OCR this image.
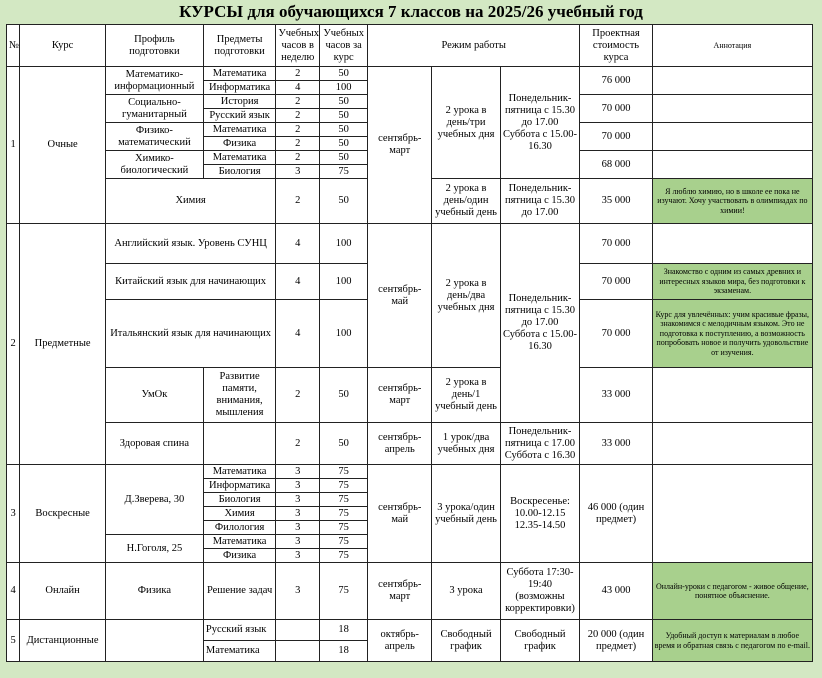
КУРСЫ для обучающихся 7 классов на 2025/26 учебный год
№	Курс	Профиль подготовки	Предметы подготовки	Учебных часов в неделю	Учебных часов за курс	Режим работы			Проектная стоимость курса	Аннотация
1	Очные	Математико-информационный	Математика	2	50	сентябрь-март	2 урока в день/три учебных дня	Понедельник-пятница с 15.30 до 17.00 Суббота с 15.00-16.30	76 000	
			Информатика	4	100					
		Социально-гуманитарный	История	2	50				70 000	
			Русский язык	2	50					
		Физико-математический	Математика	2	50				70 000	
			Физика	2	50					
		Химико-биологический	Математика	2	50				68 000	
			Биология	3	75					
		Химия		2	50		2 урока в день/один учебный день	Понедельник-пятница с 15.30 до 17.00	35 000	Я люблю химию, но в школе ее пока не изучают. Хочу участвовать в олимпиадах по химии!
2	Предметные	Английский язык. Уровень СУНЦ		4	100	сентябрь-май	2 урока в день/два учебных дня	Понедельник-пятница с 15.30 до 17.00 Суббота с 15.00-16.30	70 000	
		Китайский язык для начинающих		4	100				70 000	Знакомство с одним из самых древних и интересных языков мира, без подготовки к экзаменам.
		Итальянский язык для начинающих		4	100				70 000	Курс для увлечённых: учим красивые фразы, знакомимся с мелодичным языком. Это не подготовка к поступлению, а возможность попробовать новое и получить удовольствие от изучения.
		УмОк	Развитие памяти, внимания, мышления	2	50	сентябрь-март	2 урока в день/1 учебный день		33 000	
		Здоровая спина		2	50	сентябрь-апрель	1 урок/два учебных дня	Понедельник-пятница с 17.00 Суббота с 16.30	33 000	
3	Воскресные	Д.Зверева, 30	Математика	3	75	сентябрь-май	3 урока/один учебный день	Воскресенье: 10.00-12.15 12.35-14.50	46 000 (один предмет)	
			Информатика	3	75					
			Биология	3	75					
			Химия	3	75					
			Филология	3	75					
		Н.Гоголя, 25	Математика	3	75					
			Физика	3	75					
4	Онлайн	Физика	Решение задач	3	75	сентябрь-март	3 урока	Суббота 17:30-19:40 (возможны корректировки)	43 000	Онлайн-уроки с педагогом - живое общение, понятное объяснение.
5	Дистанционные		Русский язык		18	октябрь-апрель	Свободный график	Свободный график	20 000 (один предмет)	Удобный доступ к материалам в любое время и обратная связь с педагогом по e-mail.
			Математика		18					
